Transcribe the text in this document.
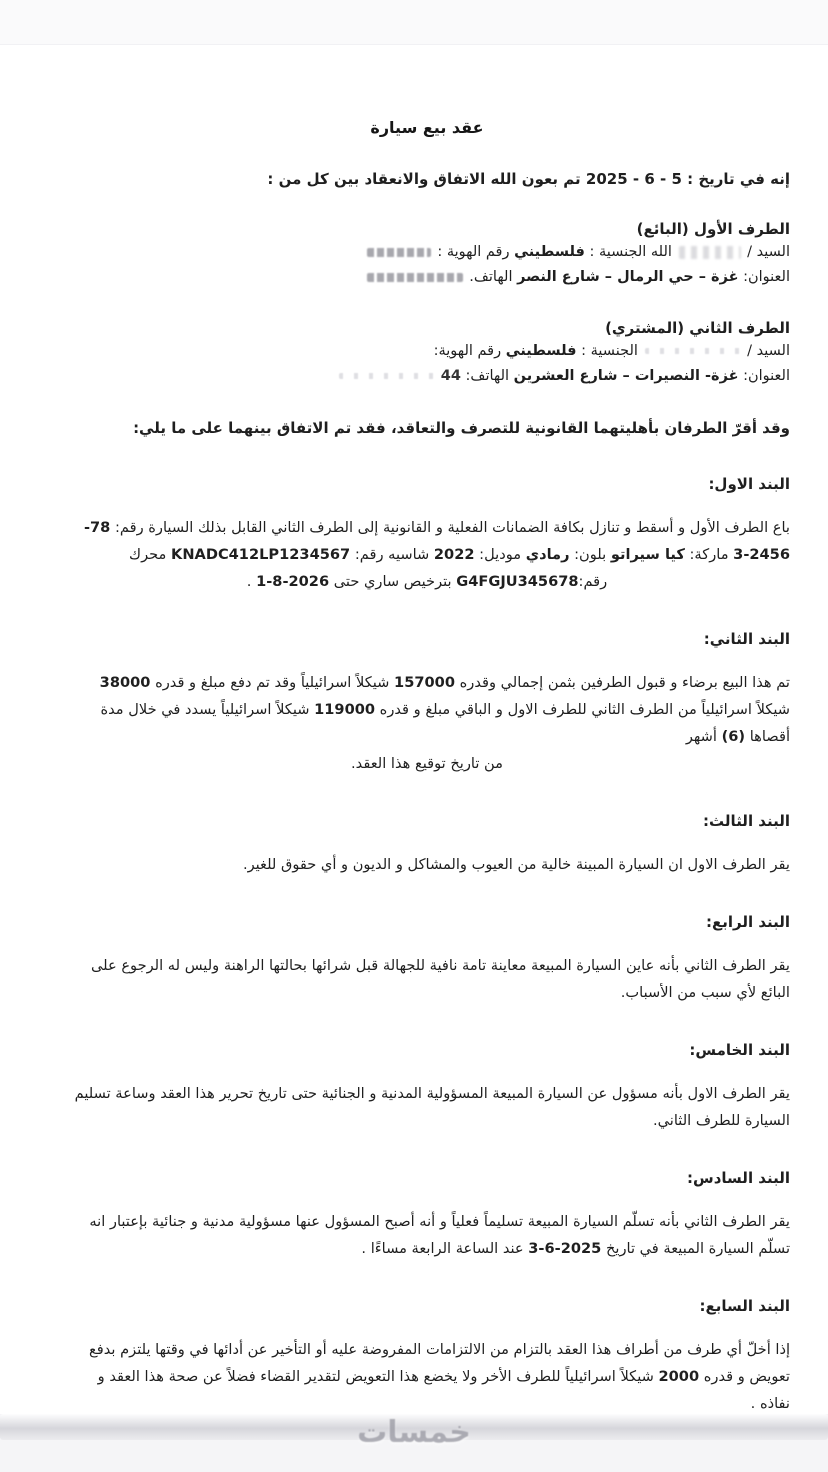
عقد بيع سيارة

إنه في تاريخ : 5 - 6 - 2025 تم بعون الله الاتفاق والانعقاد بين كل من :

الطرف الأول (البائع)

السيد /  الله الجنسية : فلسطيني رقم الهوية :

العنوان: غزة – حي الرمال – شارع النصر الهاتف.

الطرف الثاني (المشتري)

السيد /  الجنسية : فلسطيني رقم الهوية:

العنوان: غزة- النصيرات – شارع العشرين الهاتف: 44

وقد أقرّ الطرفان بأهليتهما القانونية للتصرف والتعاقد، فقد تم الاتفاق بينهما على ما يلي:

البند الاول:

باع الطرف الأول و أسقط و تنازل بكافة الضمانات الفعلية و القانونية إلى الطرف الثاني القابل بذلك السيارة رقم: 78-2456-3 ماركة: كيا سيراتو بلون: رمادي موديل: 2022 شاسيه رقم: KNADC412LP1234567 محرك

رقم:G4FGJU345678 بترخيص ساري حتى 2026-8-1 .

البند الثاني:

تم هذا البيع برضاء و قبول الطرفين بثمن إجمالي وقدره 157000 شيكلاً اسرائيلياً وقد تم دفع مبلغ و قدره 38000 شيكلاً اسرائيلياً من الطرف الثاني للطرف الاول و الباقي مبلغ و قدره 119000 شيكلاً اسرائيلياً يسدد في خلال مدة أقصاها (6) أشهر

من تاريخ توقيع هذا العقد.

البند الثالث:

يقر الطرف الاول ان السيارة المبينة خالية من العيوب والمشاكل و الديون و أي حقوق للغير.

البند الرابع:

يقر الطرف الثاني بأنه عاين السيارة المبيعة معاينة تامة نافية للجهالة قبل شرائها بحالتها الراهنة وليس له الرجوع على البائع لأي سبب من الأسباب.

البند الخامس:

يقر الطرف الاول بأنه مسؤول عن السيارة المبيعة المسؤولية المدنية و الجنائية حتى تاريخ تحرير هذا العقد وساعة تسليم السيارة للطرف الثاني.

البند السادس:

يقر الطرف الثاني بأنه تسلّم السيارة المبيعة تسليماً فعلياً و أنه أصبح المسؤول عنها مسؤولية مدنية و جنائية بإعتبار انه تسلّم السيارة المبيعة في تاريخ 2025-6-3 عند الساعة الرابعة مساءًا .

البند السابع:

إذا أخلّ أي طرف من أطراف هذا العقد بالتزام من الالتزامات المفروضة عليه أو التأخير عن أدائها في وقتها يلتزم بدفع تعويض و قدره 2000 شيكلاً اسرائيلياً للطرف الأخر ولا يخضع هذا التعويض لتقدير القضاء فضلاً عن صحة هذا العقد و نفاذه .

خمسات
